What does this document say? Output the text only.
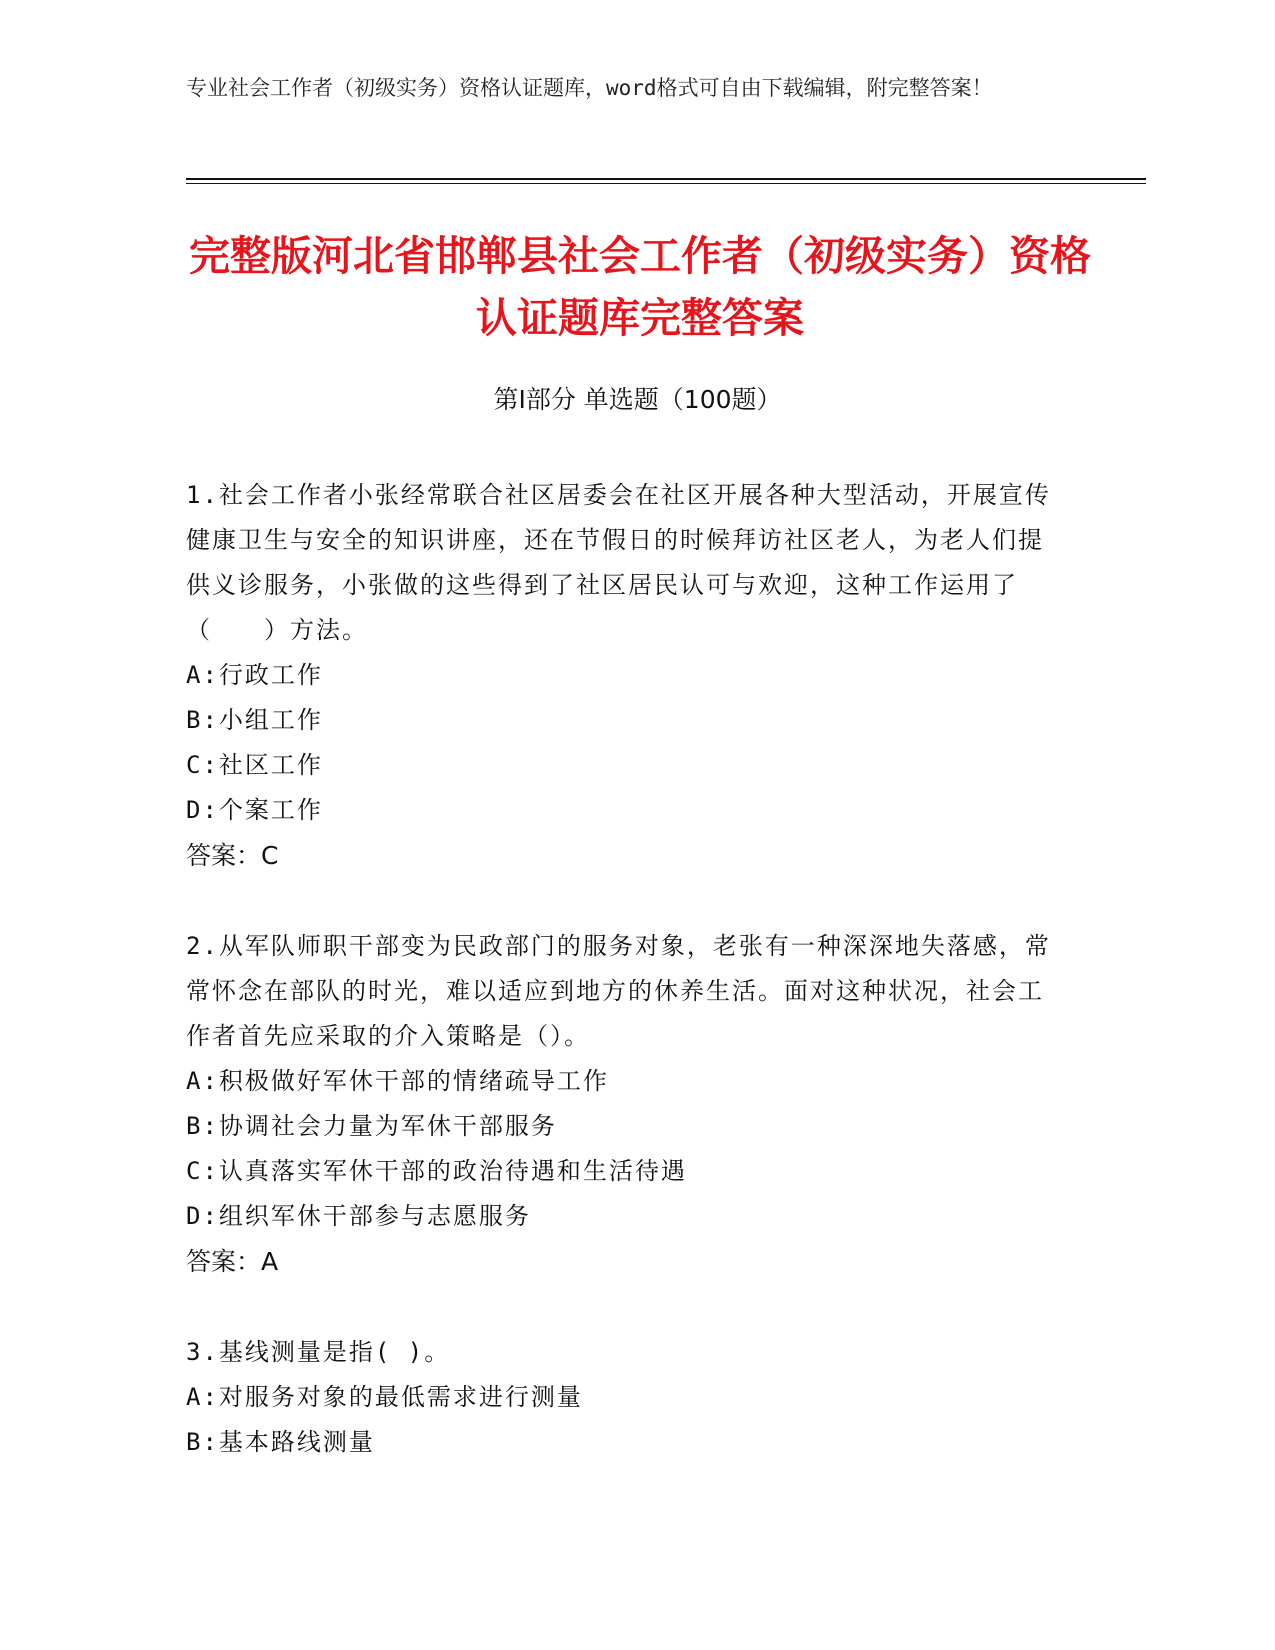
专业社会工作者（初级实务）资格认证题库，word格式可自由下载编辑，附完整答案！
完整版河北省邯郸县社会工作者（初级实务）资格认证题库完整答案
第Ⅰ部分 单选题（100题）
1.社会工作者小张经常联合社区居委会在社区开展各种大型活动，开展宣传健康卫生与安全的知识讲座，还在节假日的时候拜访社区老人，为老人们提供义诊服务，小张做的这些得到了社区居民认可与欢迎，这种工作运用了（　　）方法。
A:行政工作
B:小组工作
C:社区工作
D:个案工作
答案：C
2.从军队师职干部变为民政部门的服务对象，老张有一种深深地失落感，常常怀念在部队的时光，难以适应到地方的休养生活。面对这种状况，社会工作者首先应采取的介入策略是（）。
A:积极做好军休干部的情绪疏导工作
B:协调社会力量为军休干部服务
C:认真落实军休干部的政治待遇和生活待遇
D:组织军休干部参与志愿服务
答案：A
3.基线测量是指( )。
A:对服务对象的最低需求进行测量
B:基本路线测量
